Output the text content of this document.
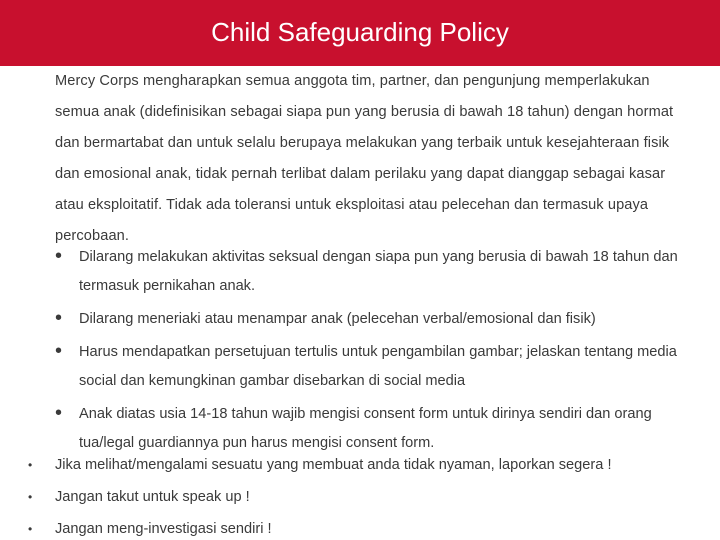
Child Safeguarding Policy

Mercy Corps mengharapkan semua anggota tim, partner, dan pengunjung memperlakukan semua anak (didefinisikan sebagai siapa pun yang berusia di bawah 18 tahun) dengan hormat dan bermartabat dan untuk selalu berupaya melakukan yang terbaik untuk kesejahteraan fisik dan emosional anak, tidak pernah terlibat dalam perilaku yang dapat dianggap sebagai kasar atau eksploitatif. Tidak ada toleransi untuk eksploitasi atau pelecehan dan termasuk upaya percobaan.

• Dilarang melakukan aktivitas seksual dengan siapa pun yang berusia di bawah 18 tahun dan termasuk pernikahan anak.
• Dilarang meneriaki atau menampar anak (pelecehan verbal/emosional dan fisik)
• Harus mendapatkan persetujuan tertulis untuk pengambilan gambar; jelaskan tentang media social dan kemungkinan gambar disebarkan di social media
• Anak diatas usia 14-18 tahun wajib mengisi consent form untuk dirinya sendiri dan orang tua/legal guardiannya pun harus mengisi consent form.
• Jika melihat/mengalami sesuatu yang membuat anda tidak nyaman, laporkan segera !
• Jangan takut untuk speak up !
• Jangan meng-investigasi sendiri !
